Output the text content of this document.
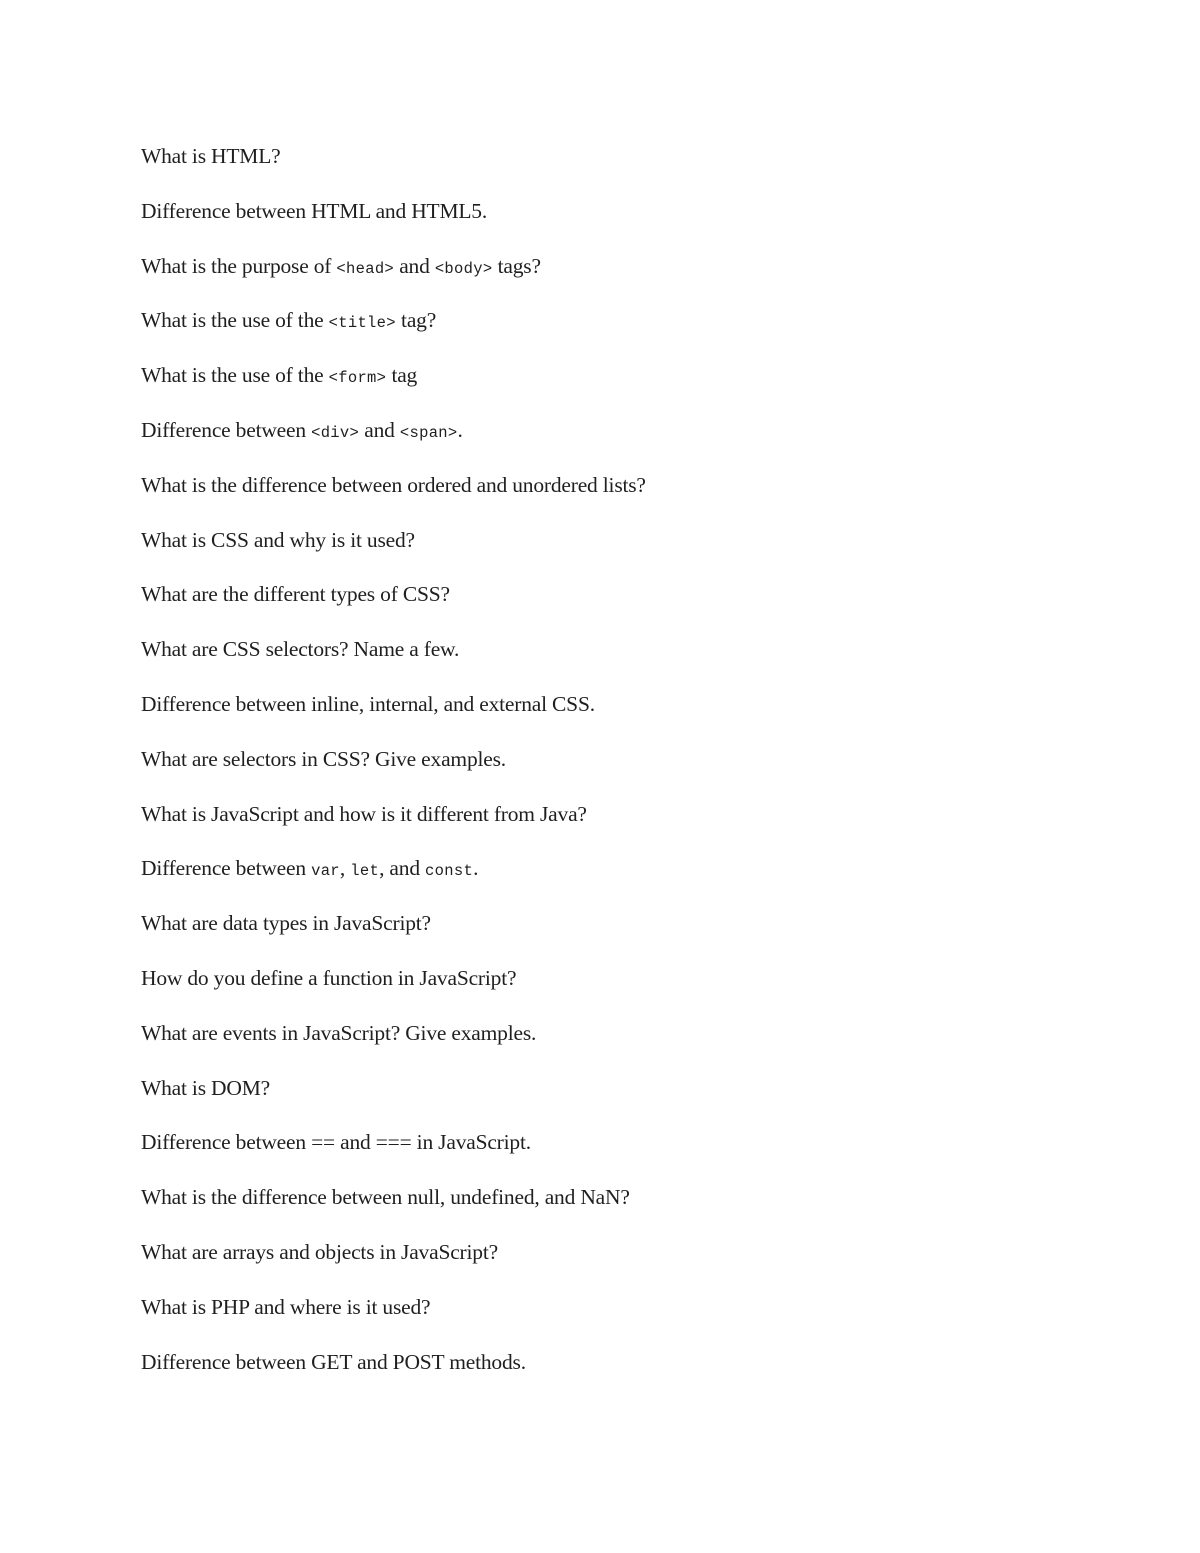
What is HTML?
Difference between HTML and HTML5.
What is the purpose of <head> and <body> tags?
What is the use of the <title> tag?
What is the use of the <form> tag
Difference between <div> and <span>.
What is the difference between ordered and unordered lists?
What is CSS and why is it used?
What are the different types of CSS?
What are CSS selectors? Name a few.
Difference between inline, internal, and external CSS.
What are selectors in CSS? Give examples.
What is JavaScript and how is it different from Java?
Difference between var, let, and const.
What are data types in JavaScript?
How do you define a function in JavaScript?
What are events in JavaScript? Give examples.
What is DOM?
Difference between == and === in JavaScript.
What is the difference between null, undefined, and NaN?
What are arrays and objects in JavaScript?
What is PHP and where is it used?
Difference between GET and POST methods.
